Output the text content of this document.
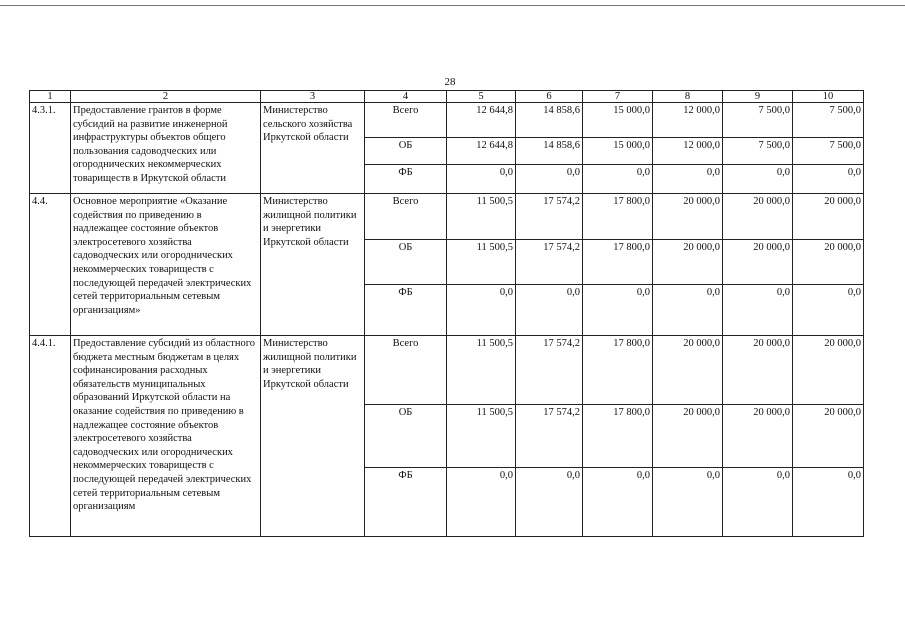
28
1	2	3	4	5	6	7	8	9	10
4.3.1.	Предоставление грантов в форме субсидий на развитие инженерной инфраструктуры объектов общего пользования садоводческих или огороднических некоммерческих товариществ в Иркутской области	Министерство сельского хозяйства Иркутской области	Всего	12 644,8	14 858,6	15 000,0	12 000,0	7 500,0	7 500,0
			ОБ	12 644,8	14 858,6	15 000,0	12 000,0	7 500,0	7 500,0
			ФБ	0,0	0,0	0,0	0,0	0,0	0,0
4.4.	Основное мероприятие «Оказание содействия по приведению в надлежащее состояние объектов электросетевого хозяйства садоводческих или огороднических некоммерческих товариществ с последующей передачей электрических сетей территориальным сетевым организациям»	Министерство жилищной политики и энергетики Иркутской области	Всего	11 500,5	17 574,2	17 800,0	20 000,0	20 000,0	20 000,0
			ОБ	11 500,5	17 574,2	17 800,0	20 000,0	20 000,0	20 000,0
			ФБ	0,0	0,0	0,0	0,0	0,0	0,0
4.4.1.	Предоставление субсидий из областного бюджета местным бюджетам в целях софинансирования расходных обязательств муниципальных образований Иркутской области на оказание содействия по приведению в надлежащее состояние объектов электросетевого хозяйства садоводческих или огороднических некоммерческих товариществ с последующей передачей электрических сетей территориальным сетевым организациям	Министерство жилищной политики и энергетики Иркутской области	Всего	11 500,5	17 574,2	17 800,0	20 000,0	20 000,0	20 000,0
			ОБ	11 500,5	17 574,2	17 800,0	20 000,0	20 000,0	20 000,0
			ФБ	0,0	0,0	0,0	0,0	0,0	0,0
